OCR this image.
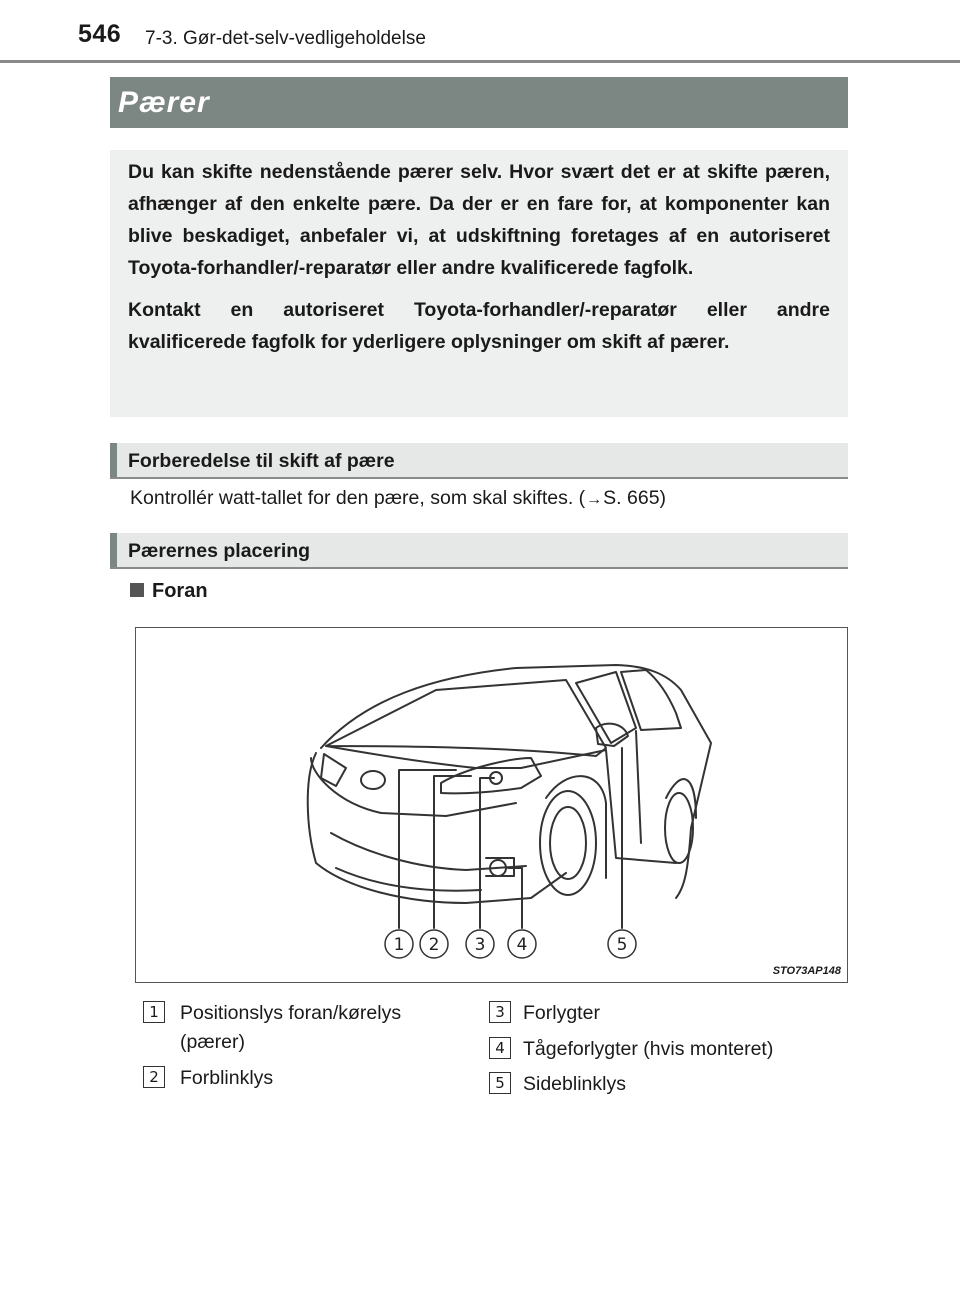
546 7-3. Gør-det-selv-vedligeholdelse
Pærer

Du kan skifte nedenstående pærer selv. Hvor svært det er at skifte pæren, afhænger af den enkelte pære. Da der er en fare for, at komponenter kan blive beskadiget, anbefaler vi, at udskiftning foretages af en autoriseret Toyota-forhandler/-reparatør eller andre kvalificerede fagfolk.

Kontakt en autoriseret Toyota-forhandler/-reparatør eller andre kvalificerede fagfolk for yderligere oplysninger om skift af pærer.

Forberedelse til skift af pære
Kontrollér watt-tallet for den pære, som skal skiftes. (→S. 665)
Pærernes placering
Foran
1 2 3 4	5
STO73AP148
1	Positionslys foran/kørelys
(pærer)
2	Forblinklys
3 Forlygter
4 Tågeforlygter (hvis monteret)
5 Sideblinklys
